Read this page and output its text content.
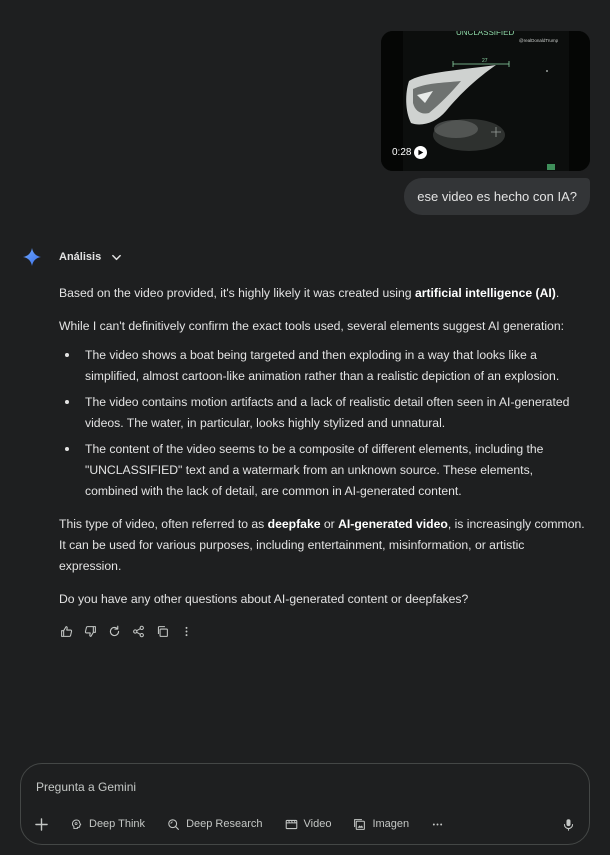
UNCLASSIFIED
@realDonaldTrump
27
0:28
ese video es hecho con IA?
Análisis

Based on the video provided, it's highly likely it was created using artificial intelligence (AI).

While I can't definitively confirm the exact tools used, several elements suggest AI generation:

The video shows a boat being targeted and then exploding in a way that looks like a simplified, almost cartoon-like animation rather than a realistic depiction of an explosion.
The video contains motion artifacts and a lack of realistic detail often seen in AI-generated videos. The water, in particular, looks highly stylized and unnatural.
The content of the video seems to be a composite of different elements, including the "UNCLASSIFIED" text and a watermark from an unknown source. These elements, combined with the lack of detail, are common in AI-generated content.

This type of video, often referred to as deepfake or AI-generated video, is increasingly common. It can be used for various purposes, including entertainment, misinformation, or artistic expression.

Do you have any other questions about AI-generated content or deepfakes?

Pregunta a Gemini
Deep Think	Deep Research	Video	Imagen
